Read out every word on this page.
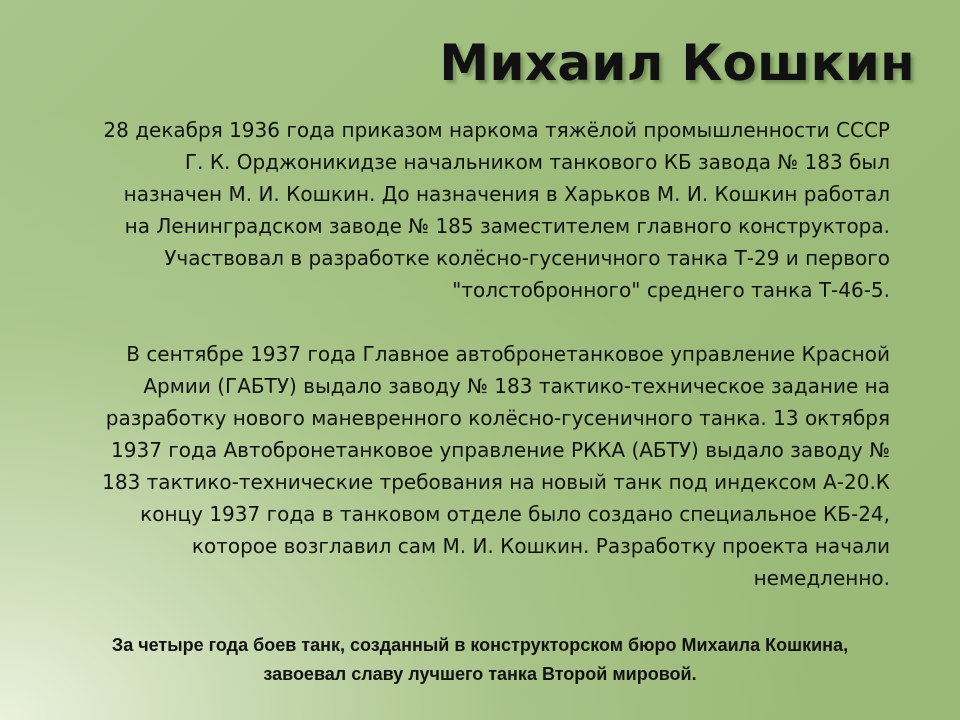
Михаил Кошкин

28 декабря 1936 года приказом наркома тяжёлой промышленности СССР Г. К. Орджоникидзе начальником танкового КБ завода № 183 был назначен М. И. Кошкин. До назначения в Харьков М. И. Кошкин работал на Ленинградском заводе № 185 заместителем главного конструктора. Участвовал в разработке колёсно-гусеничного танка Т-29 и первого "толстобронного" среднего танка Т-46-5.

В сентябре 1937 года Главное автобронетанковое управление Красной Армии (ГАБТУ) выдало заводу № 183 тактико-техническое задание на разработку нового маневренного колёсно-гусеничного танка. 13 октября 1937 года Автобронетанковое управление РККА (АБТУ) выдало заводу № 183 тактико-технические требования на новый танк под индексом А-20.К концу 1937 года в танковом отделе было создано специальное КБ-24, которое возглавил сам М. И. Кошкин. Разработку проекта начали немедленно.

За четыре года боев танк, созданный в конструкторском бюро Михаила Кошкина, завоевал славу лучшего танка Второй мировой.
